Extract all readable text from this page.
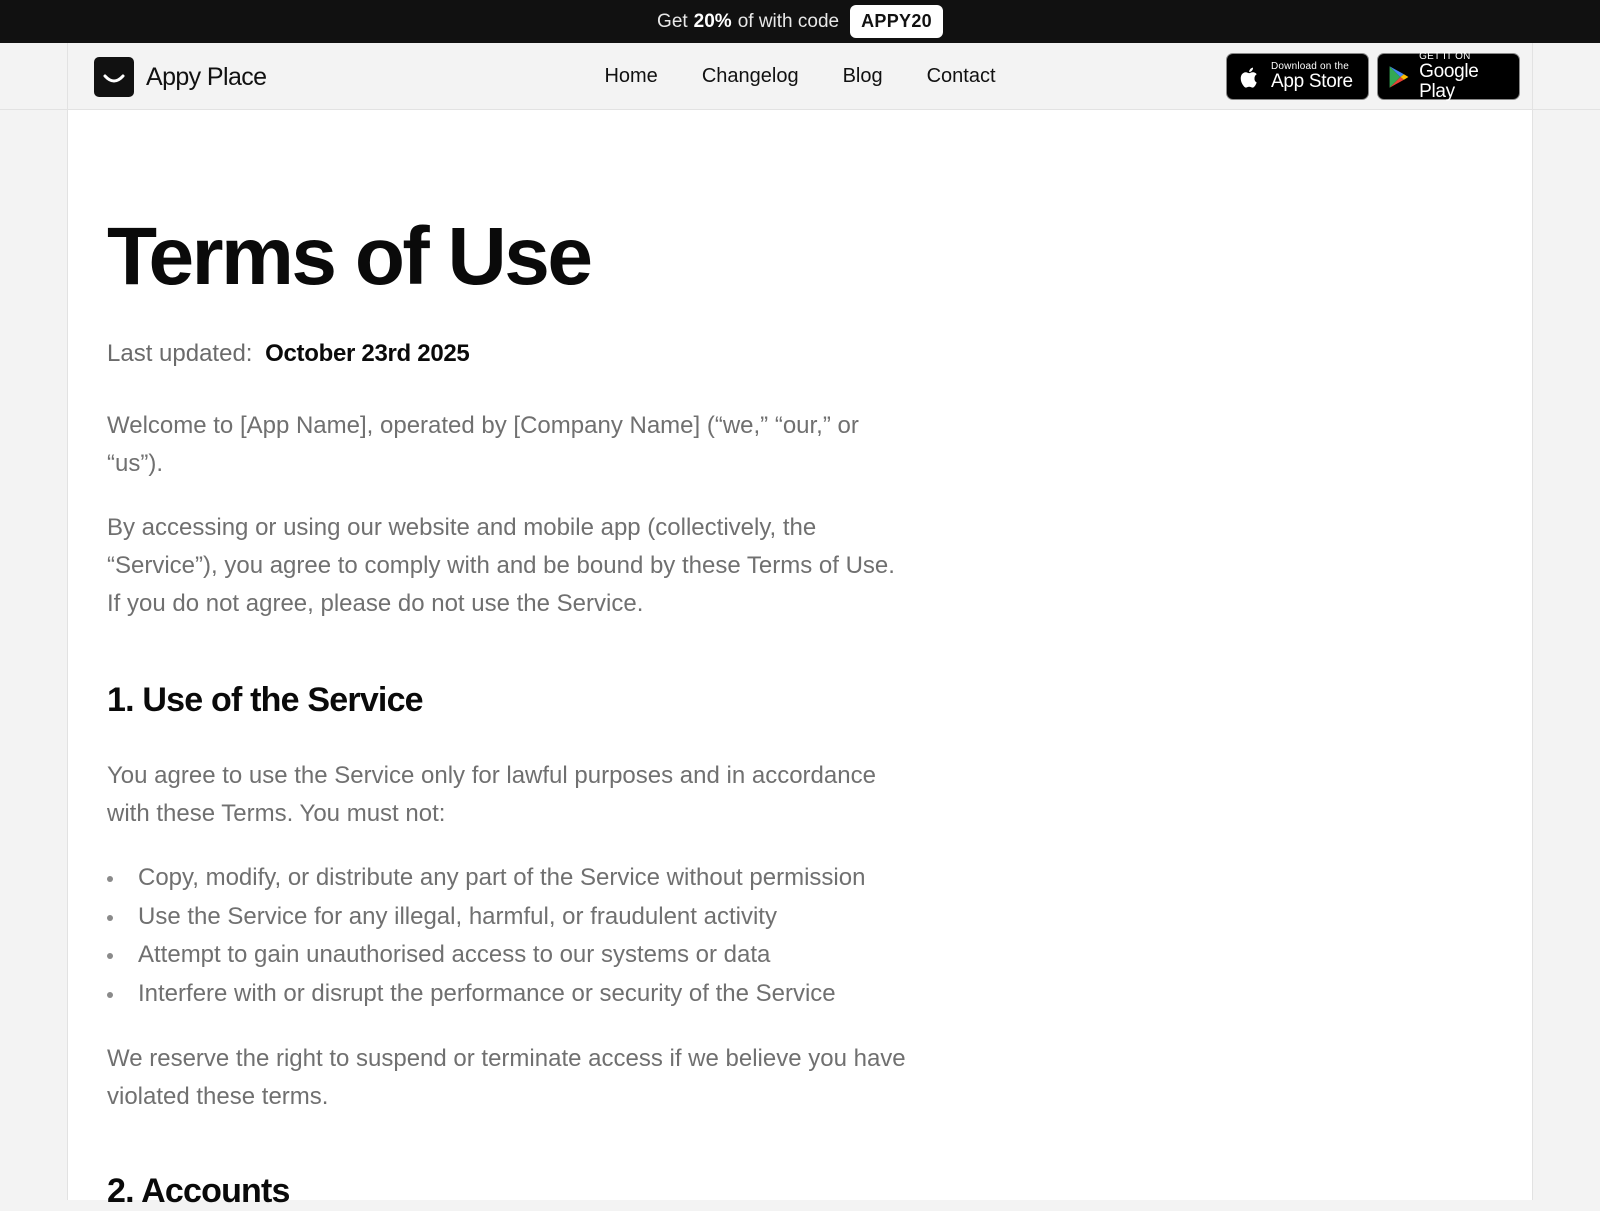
Get 20% of with code	APPY20
Appy Place	Home Changelog Blog Contact	Download on the
App Store
GET IT ON
Google Play
Terms of Use
Last updated: October 23rd 2025

Welcome to [App Name], operated by [Company Name] (“we,” “our,” or “us”).

By accessing or using our website and mobile app (collectively, the “Service”), you agree to comply with and be bound by these Terms of Use. If you do not agree, please do not use the Service.

1. Use of the Service

You agree to use the Service only for lawful purposes and in accordance with these Terms. You must not:

Copy, modify, or distribute any part of the Service without permission
Use the Service for any illegal, harmful, or fraudulent activity
Attempt to gain unauthorised access to our systems or data
Interfere with or disrupt the performance or security of the Service

We reserve the right to suspend or terminate access if we believe you have violated these terms.

2. Accounts
